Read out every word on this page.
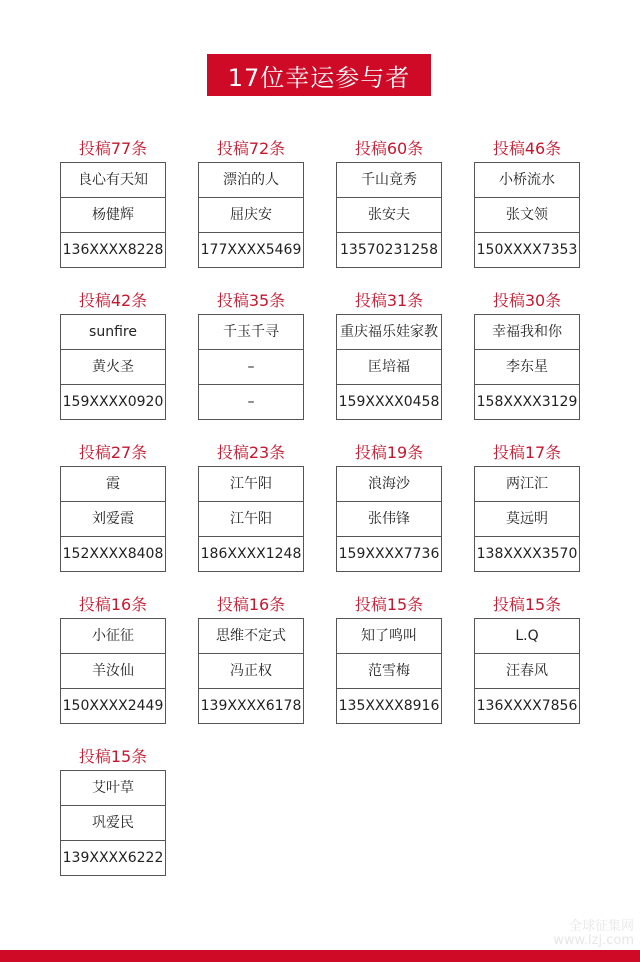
17位幸运参与者
投稿77条
良心有天知
杨健辉
136XXXX8228
投稿72条
漂泊的人
屈庆安
177XXXX5469
投稿60条
千山竟秀
张安夫
13570231258
投稿46条
小桥流水
张文领
150XXXX7353
投稿42条
sunfire
黄火圣
159XXXX0920
投稿35条
千玉千寻
–
–
投稿31条
重庆福乐娃家教
匡培福
159XXXX0458
投稿30条
幸福我和你
李东星
158XXXX3129
投稿27条
霞
刘爱霞
152XXXX8408
投稿23条
江午阳
江午阳
186XXXX1248
投稿19条
浪海沙
张伟锋
159XXXX7736
投稿17条
两江汇
莫远明
138XXXX3570
投稿16条
小征征
羊汝仙
150XXXX2449
投稿16条
思维不定式
冯正权
139XXXX6178
投稿15条
知了鸣叫
范雪梅
135XXXX8916
投稿15条
L.Q
汪春风
136XXXX7856
投稿15条
艾叶草
巩爱民
139XXXX6222
全球征集网
www.lzj.com
